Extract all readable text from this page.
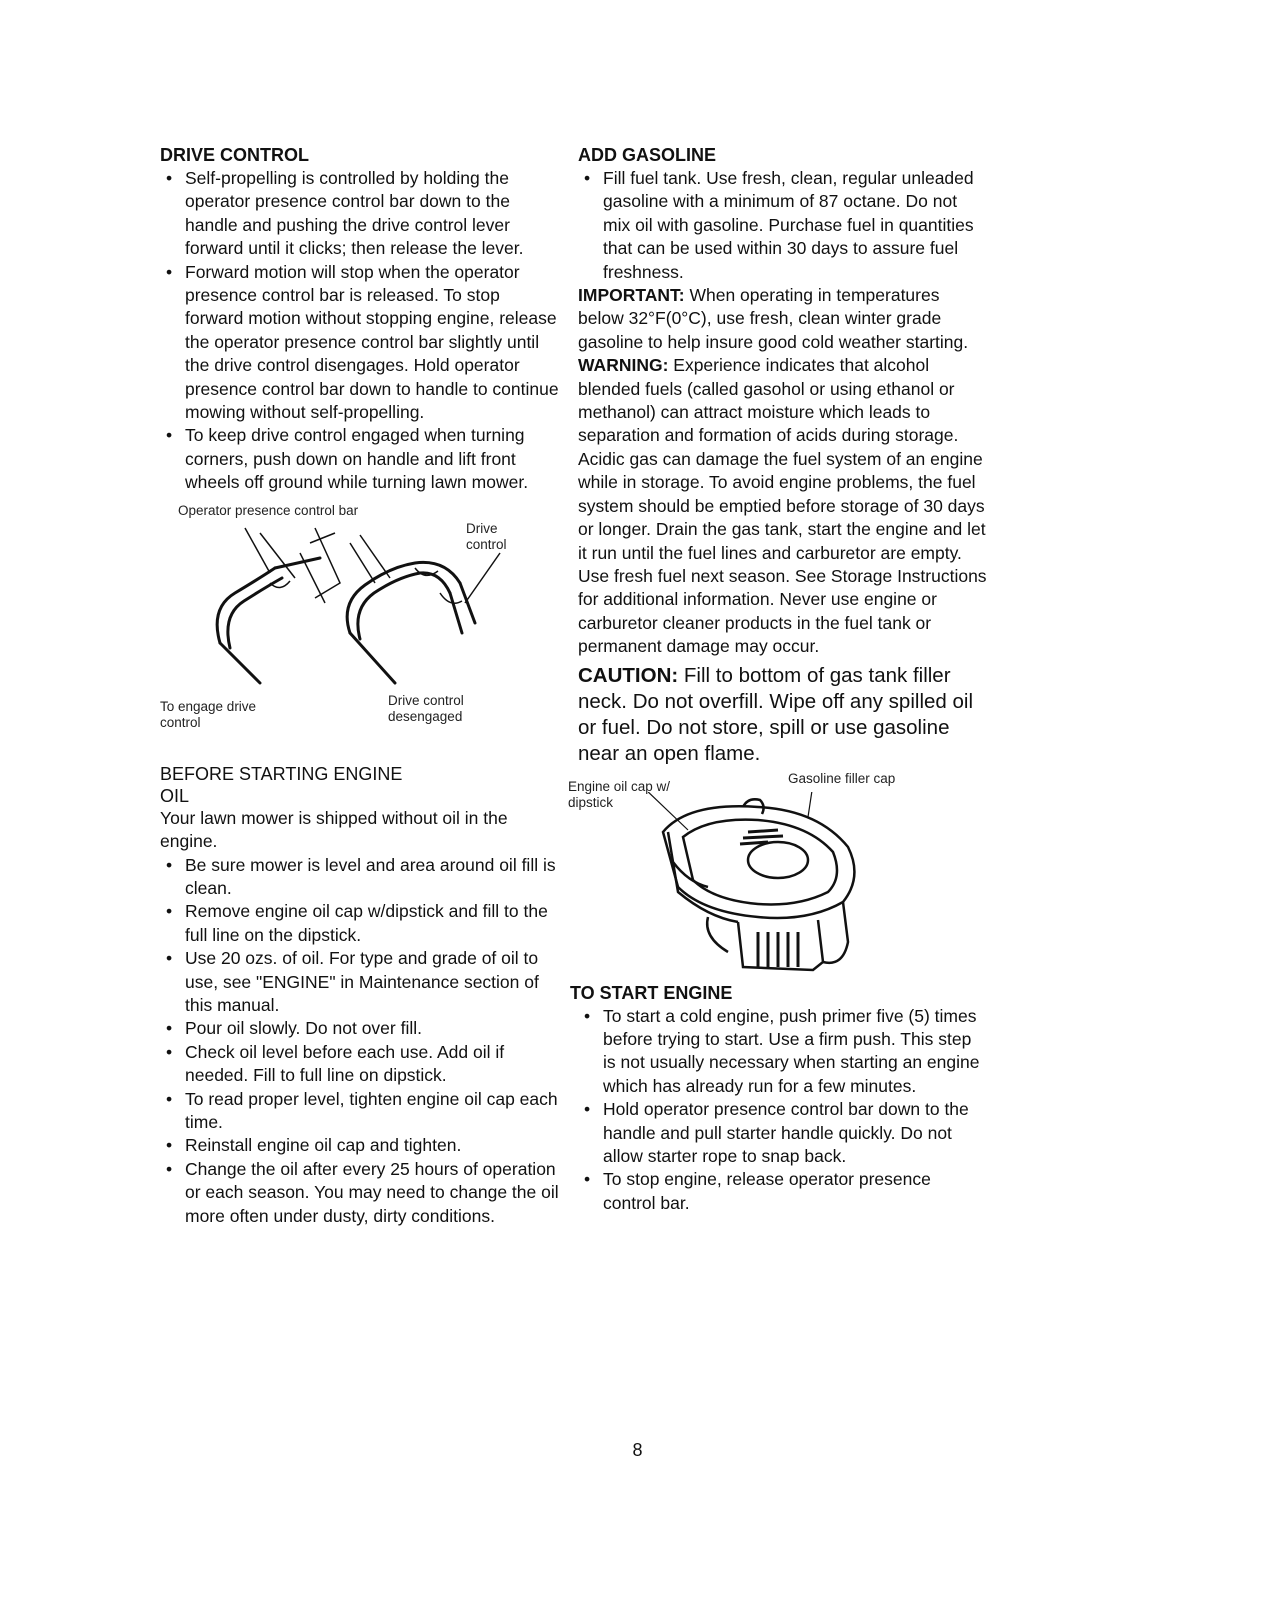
DRIVE CONTROL
• Self-propelling is controlled by holding the operator presence control bar down to the handle and pushing the drive control lever forward until it clicks; then release the lever.
• Forward motion will stop when the operator presence control bar is released. To stop forward motion without stopping engine, release the operator presence control bar slightly until the drive control disengages. Hold operator presence control bar down to handle to continue mowing without self-propelling.
• To keep drive control engaged when turning corners, push down on handle and lift front wheels off ground while turning lawn mower.
Operator presence control bar
Drive
control
To engage drive
control
Drive control
desengaged
BEFORE STARTING ENGINE
OIL

Your lawn mower is shipped without oil in the engine.

• Be sure mower is level and area around oil fill is clean.
• Remove engine oil cap w/dipstick and fill to the full line on the dipstick.
• Use 20 ozs. of oil. For type and grade of oil to use, see "ENGINE" in Maintenance section of this manual.
• Pour oil slowly. Do not over fill.
• Check oil level before each use. Add oil if needed. Fill to full line on dipstick.
• To read proper level, tighten engine oil cap each time.
• Reinstall engine oil cap and tighten.
• Change the oil after every 25 hours of operation or each season. You may need to change the oil more often under dusty, dirty conditions.
ADD GASOLINE
• Fill fuel tank. Use fresh, clean, regular unleaded gasoline with a minimum of 87 octane. Do not mix oil with gasoline. Purchase fuel in quantities that can be used within 30 days to assure fuel freshness.

IMPORTANT: When operating in temperatures below 32°F(0°C), use fresh, clean winter grade gasoline to help insure good cold weather starting.

WARNING: Experience indicates that alcohol blended fuels (called gasohol or using ethanol or methanol) can attract moisture which leads to separation and formation of acids during storage. Acidic gas can damage the fuel system of an engine while in storage. To avoid engine problems, the fuel system should be emptied before storage of 30 days or longer. Drain the gas tank, start the engine and let it run until the fuel lines and carburetor are empty. Use fresh fuel next season. See Storage Instructions for additional information. Never use engine or carburetor cleaner products in the fuel tank or permanent damage may occur.

CAUTION: Fill to bottom of gas tank filler neck. Do not overfill. Wipe off any spilled oil or fuel. Do not store, spill or use gasoline near an open flame.

Engine oil cap w/
dipstick
Gasoline filler cap
TO START ENGINE
• To start a cold engine, push primer five (5) times before trying to start. Use a firm push. This step is not usually necessary when starting an engine which has already run for a few minutes.
• Hold operator presence control bar down to the handle and pull starter handle quickly. Do not allow starter rope to snap back.
• To stop engine, release operator presence control bar.
8
